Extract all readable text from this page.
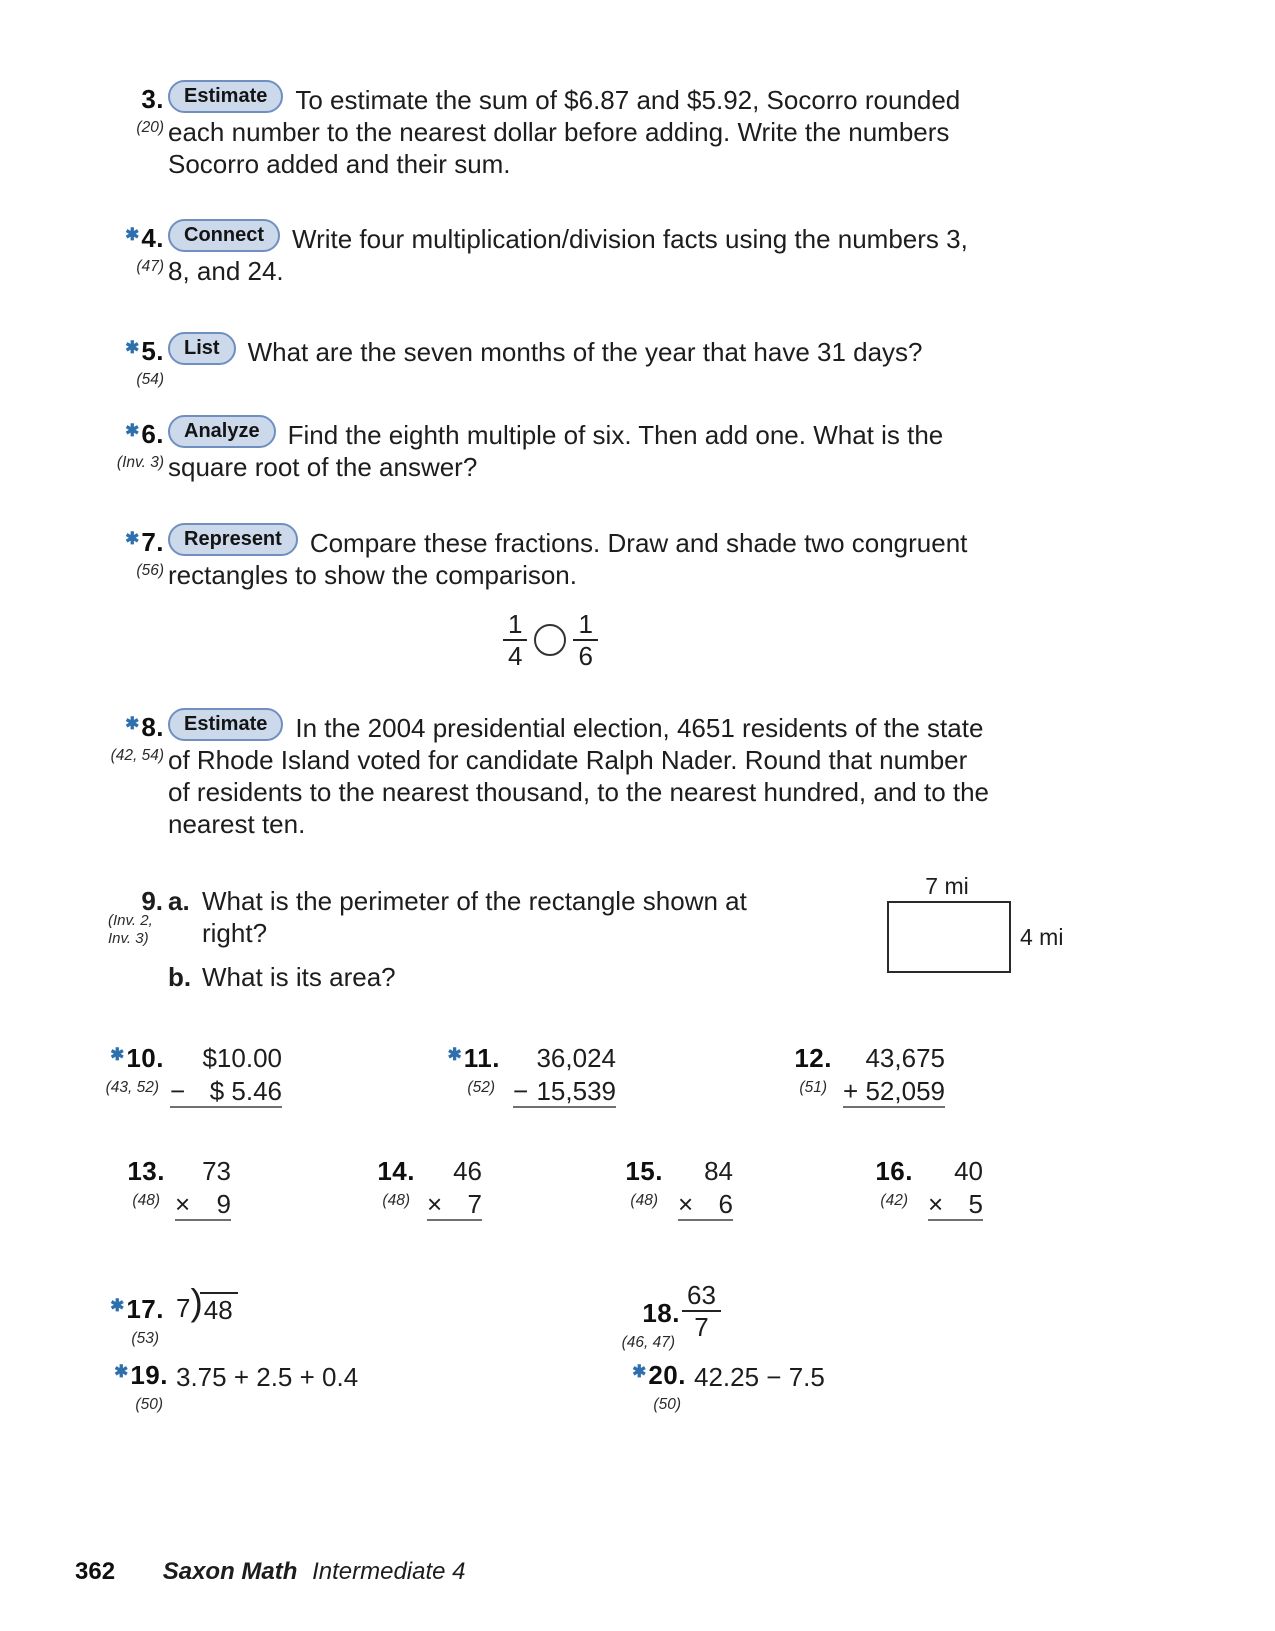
3.
(20)
Estimate	To estimate the sum of $6.87 and $5.92, Socorro rounded
each number to the nearest dollar before adding. Write the numbers
Socorro added and their sum.
✱4.
(47)
Connect	Write four multiplication/division facts using the numbers 3,
8, and 24.
✱5.
(54)
List	What are the seven months of the year that have 31 days?
✱6.
(Inv. 3)
Analyze	Find the eighth multiple of six. Then add one. What is the
square root of the answer?
✱7.
(56)
Represent	Compare these fractions. Draw and shade two congruent
rectangles to show the comparison.
$\frac{1}{4} \frac{1}{6}$
✱8.
(42, 54)
Estimate	In the 2004 presidential election, 4651 residents of the state
of Rhode Island voted for candidate Ralph Nader. Round that number
of residents to the nearest thousand, to the nearest hundred, and to the
nearest ten.
9.
(Inv. 2,
Inv. 3)
a. What is the perimeter of the rectangle shown at
right?
b. What is its area?
7 mi
4 mi
✱10.
(43, 52)
$10.00
− $ 5.46
✱11.
(52)
36,024
− 15,539
12.
(51)
43,675
+ 52,059
13.
(48)
73
× 9
14.
(48)
46
× 7
15.
(48)
84
× 6
16.
(42)
40
× 5
✱17.
(53)
7 ) 48	18.
(46, 47)
$\frac{63}{7}$
✱19.
(50)
3.75 + 2.5 + 0.4	✱20.
(50)
42.25 − 7.5
362 Saxon Math Intermediate 4
